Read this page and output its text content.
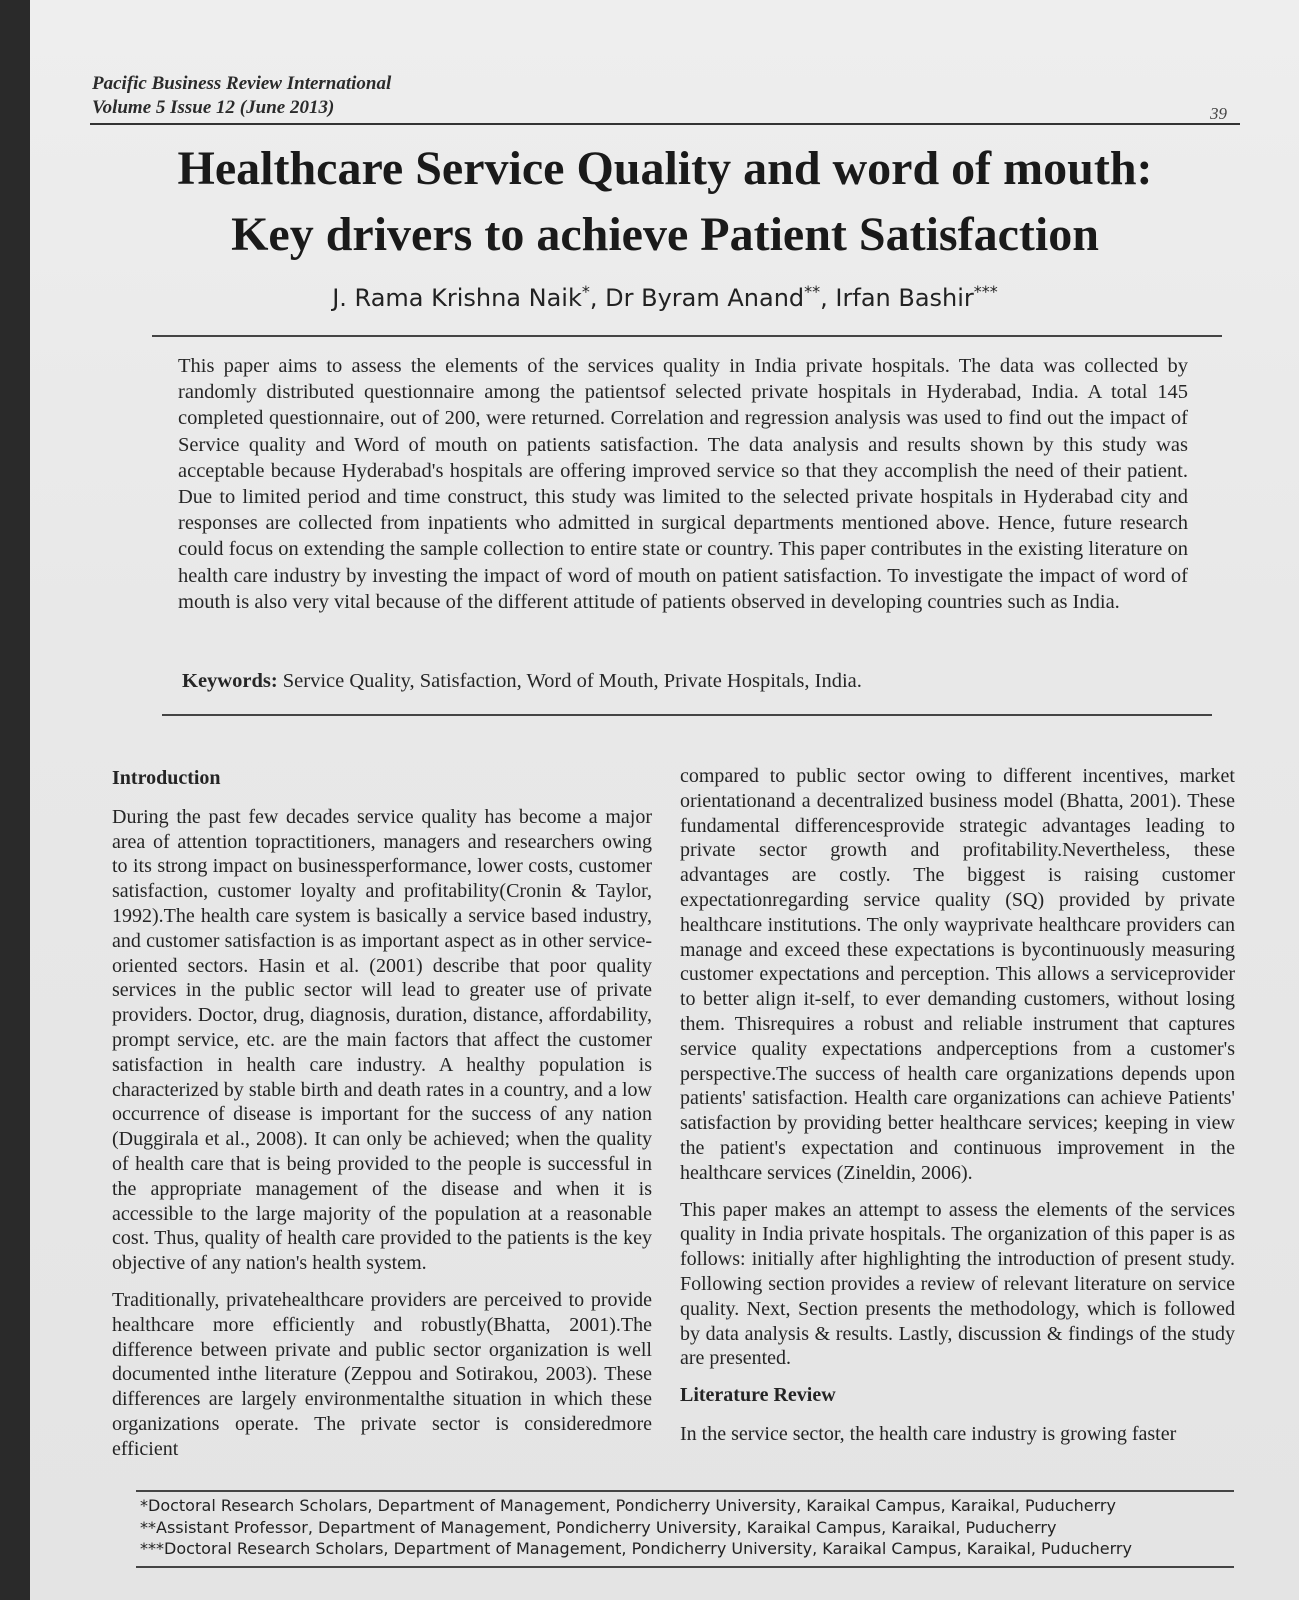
Pacific Business Review International
Volume 5 Issue 12 (June 2013)	39
Healthcare Service Quality and word of mouth:
Key drivers to achieve Patient Satisfaction
J. Rama Krishna Naik*, Dr Byram Anand**, Irfan Bashir***
This paper aims to assess the elements of the services quality in India private hospitals. The data was collected by randomly distributed questionnaire among the patientsof selected private hospitals in Hyderabad, India. A total 145 completed questionnaire, out of 200, were returned. Correlation and regression analysis was used to find out the impact of Service quality and Word of mouth on patients satisfaction. The data analysis and results shown by this study was acceptable because Hyderabad's hospitals are offering improved service so that they accomplish the need of their patient. Due to limited period and time construct, this study was limited to the selected private hospitals in Hyderabad city and responses are collected from inpatients who admitted in surgical departments mentioned above. Hence, future research could focus on extending the sample collection to entire state or country. This paper contributes in the existing literature on health care industry by investing the impact of word of mouth on patient satisfaction. To investigate the impact of word of mouth is also very vital because of the different attitude of patients observed in developing countries such as India.
Keywords: Service Quality, Satisfaction, Word of Mouth, Private Hospitals, India.

Introduction

During the past few decades service quality has become a major area of attention topractitioners, managers and researchers owing to its strong impact on businessperformance, lower costs, customer satisfaction, customer loyalty and profitability(Cronin & Taylor, 1992).The health care system is basically a service based industry, and customer satisfaction is as important aspect as in other service-oriented sectors. Hasin et al. (2001) describe that poor quality services in the public sector will lead to greater use of private providers. Doctor, drug, diagnosis, duration, distance, affordability, prompt service, etc. are the main factors that affect the customer satisfaction in health care industry. A healthy population is characterized by stable birth and death rates in a country, and a low occurrence of disease is important for the success of any nation (Duggirala et al., 2008). It can only be achieved; when the quality of health care that is being provided to the people is successful in the appropriate management of the disease and when it is accessible to the large majority of the population at a reasonable cost. Thus, quality of health care provided to the patients is the key objective of any nation's health system.

Traditionally, privatehealthcare providers are perceived to provide healthcare more efficiently and robustly(Bhatta, 2001).The difference between private and public sector organization is well documented inthe literature (Zeppou and Sotirakou, 2003). These differences are largely environmentalthe situation in which these organizations operate. The private sector is consideredmore efficient

compared to public sector owing to different incentives, market orientationand a decentralized business model (Bhatta, 2001). These fundamental differencesprovide strategic advantages leading to private sector growth and profitability.Nevertheless, these advantages are costly. The biggest is raising customer expectationregarding service quality (SQ) provided by private healthcare institutions. The only wayprivate healthcare providers can manage and exceed these expectations is bycontinuously measuring customer expectations and perception. This allows a serviceprovider to better align it-self, to ever demanding customers, without losing them. Thisrequires a robust and reliable instrument that captures service quality expectations andperceptions from a customer's perspective.The success of health care organizations depends upon patients' satisfaction. Health care organizations can achieve Patients' satisfaction by providing better healthcare services; keeping in view the patient's expectation and continuous improvement in the healthcare services (Zineldin, 2006).

This paper makes an attempt to assess the elements of the services quality in India private hospitals. The organization of this paper is as follows: initially after highlighting the introduction of present study. Following section provides a review of relevant literature on service quality. Next, Section presents the methodology, which is followed by data analysis & results. Lastly, discussion & findings of the study are presented.

Literature Review

In the service sector, the health care industry is growing faster

*Doctoral Research Scholars, Department of Management, Pondicherry University, Karaikal Campus, Karaikal, Puducherry
**Assistant Professor, Department of Management, Pondicherry University, Karaikal Campus, Karaikal, Puducherry
***Doctoral Research Scholars, Department of Management, Pondicherry University, Karaikal Campus, Karaikal, Puducherry
